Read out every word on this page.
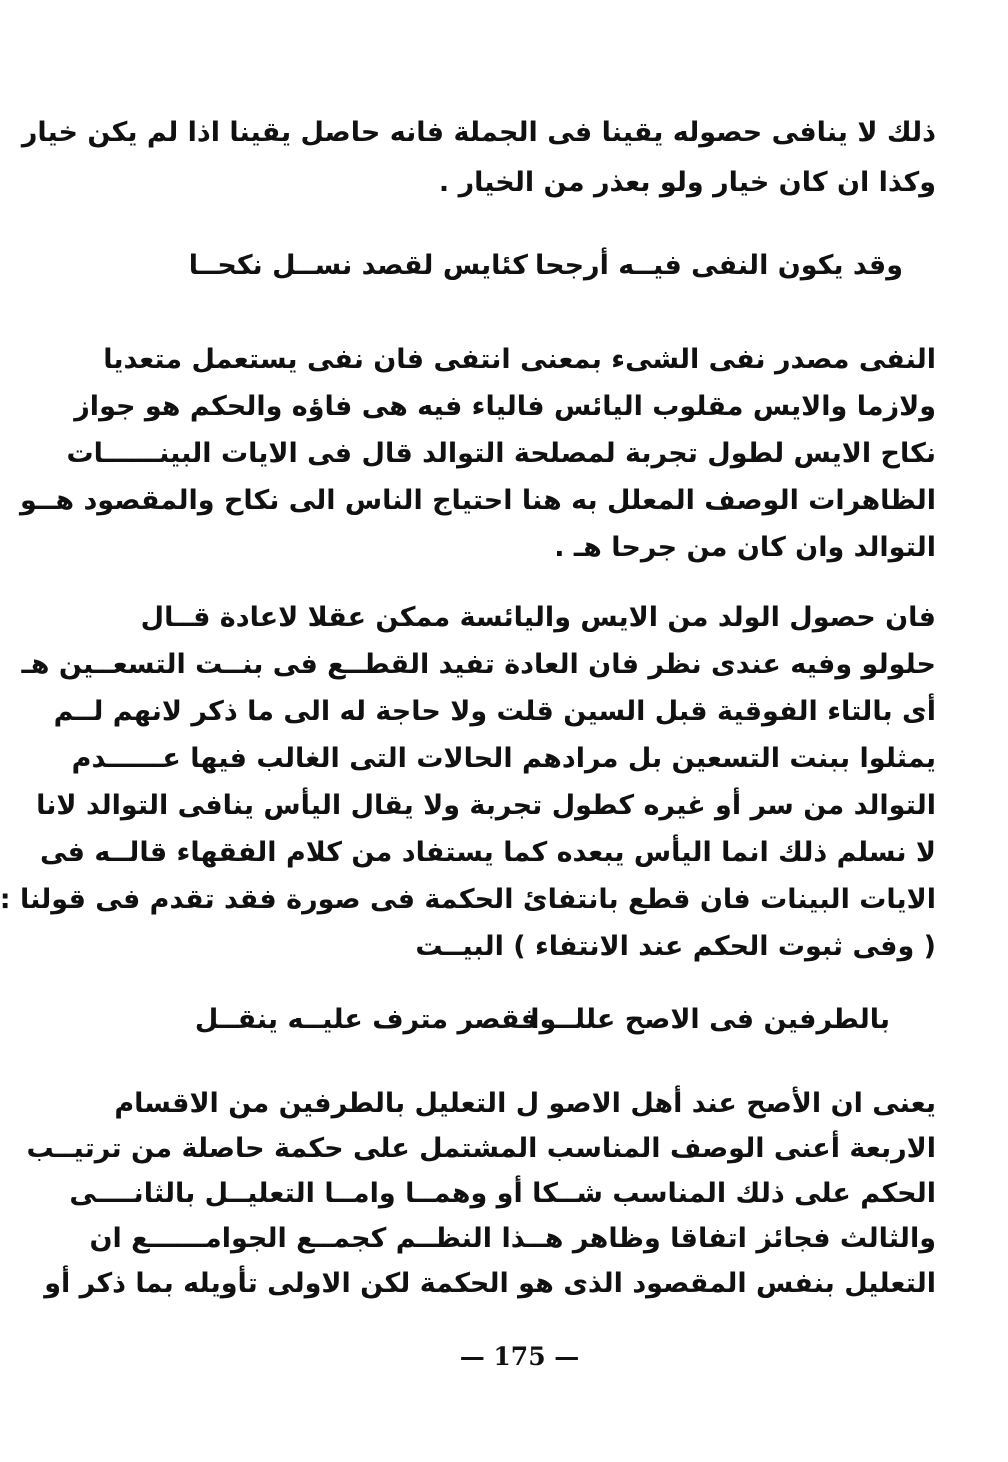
ذلك لا ينافى حصوله يقينا فى الجملة فانه حاصل يقينا اذا لم يكن خيار
وكذا ان كان خيار ولو بعذر من الخيار .
وقد يكون النفى فيــه أرجحا
كئايس لقصد نســل نكحــا
النفى مصدر نفى الشىء بمعنى انتفى فان نفى يستعمل متعديا
ولازما والايس مقلوب اليائس فالياء فيه هى فاؤه والحكم هو جواز
نكاح الايس لطول تجربة لمصلحة التوالد قال فى الايات البينــــــات
الظاهرات الوصف المعلل به هنا احتياج الناس الى نكاح والمقصود هــو
التوالد وان كان من جرحا هـ .
فان حصول الولد من الايس واليائسة ممكن عقلا لاعادة قــال
حلولو وفيه عندى نظر فان العادة تفيد القطــع فى بنــت التسعــين هـ
أى بالتاء الفوقية قبل السين قلت ولا حاجة له الى ما ذكر لانهم لــم
يمثلوا ببنت التسعين بل مرادهم الحالات التى الغالب فيها عــــــدم
التوالد من سر أو غيره كطول تجربة ولا يقال اليأس ينافى التوالد لانا
لا نسلم ذلك انما اليأس يبعده كما يستفاد من كلام الفقهاء قالــه فى
الايات البينات فان قطع بانتفائ الحكمة فى صورة فقد تقدم فى قولنا :
( وفى ثبوت الحكم عند الانتفاء ) البيــت
بالطرفين فى الاصح عللــوا
فقصر مترف عليــه ينقــل
يعنى ان الأصح عند أهل الاصو ل التعليل بالطرفين من الاقسام
الاربعة أعنى الوصف المناسب المشتمل على حكمة حاصلة من ترتيــب
الحكم على ذلك المناسب شــكا أو وهمــا وامــا التعليــل بالثانــــى
والثالث فجائز اتفاقا وظاهر هــذا النظــم كجمــع الجوامــــــع ان
التعليل بنفس المقصود الذى هو الحكمة لكن الاولى تأويله بما ذكر أو
— 175 —
